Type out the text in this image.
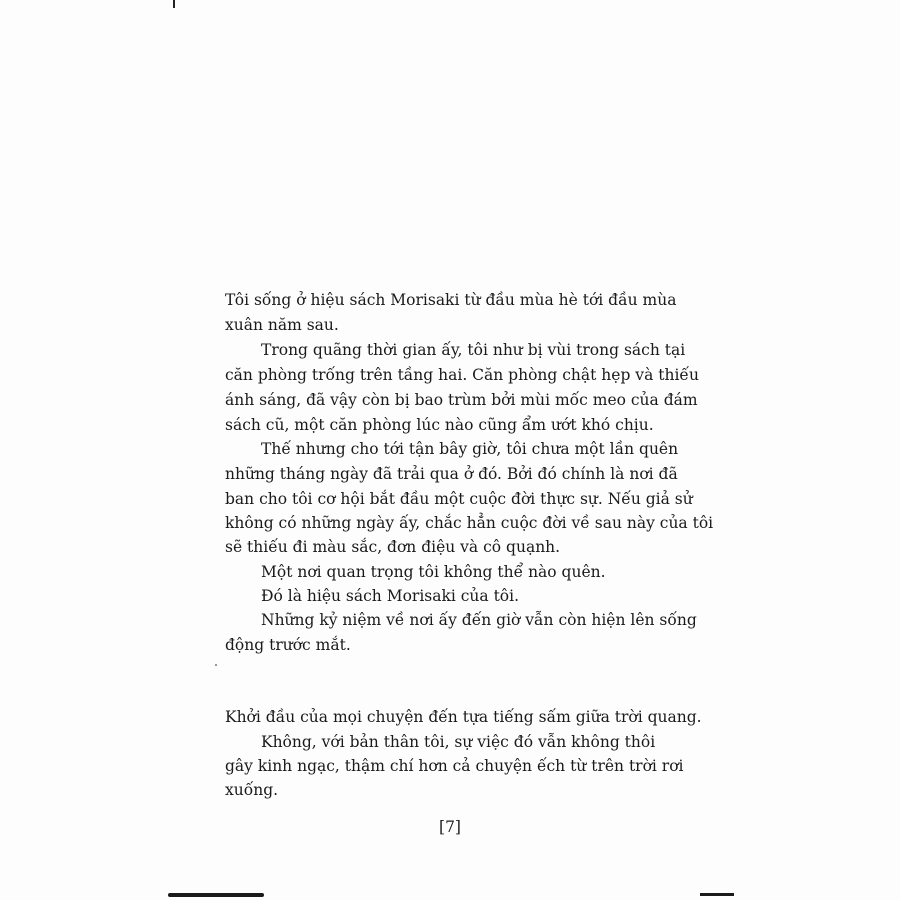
Tôi sống ở hiệu sách Morisaki từ đầu mùa hè tới đầu mùa
xuân năm sau.
Trong quãng thời gian ấy, tôi như bị vùi trong sách tại
căn phòng trống trên tầng hai. Căn phòng chật hẹp và thiếu
ánh sáng, đã vậy còn bị bao trùm bởi mùi mốc meo của đám
sách cũ, một căn phòng lúc nào cũng ẩm ướt khó chịu.
Thế nhưng cho tới tận bây giờ, tôi chưa một lần quên
những tháng ngày đã trải qua ở đó. Bởi đó chính là nơi đã
ban cho tôi cơ hội bắt đầu một cuộc đời thực sự. Nếu giả sử
không có những ngày ấy, chắc hẳn cuộc đời về sau này của tôi
sẽ thiếu đi màu sắc, đơn điệu và cô quạnh.
Một nơi quan trọng tôi không thể nào quên.
Đó là hiệu sách Morisaki của tôi.
Những kỷ niệm về nơi ấy đến giờ vẫn còn hiện lên sống
động trước mắt.
Khởi đầu của mọi chuyện đến tựa tiếng sấm giữa trời quang.
Không, với bản thân tôi, sự việc đó vẫn không thôi
gây kinh ngạc, thậm chí hơn cả chuyện ếch từ trên trời rơi
xuống.
[7]
